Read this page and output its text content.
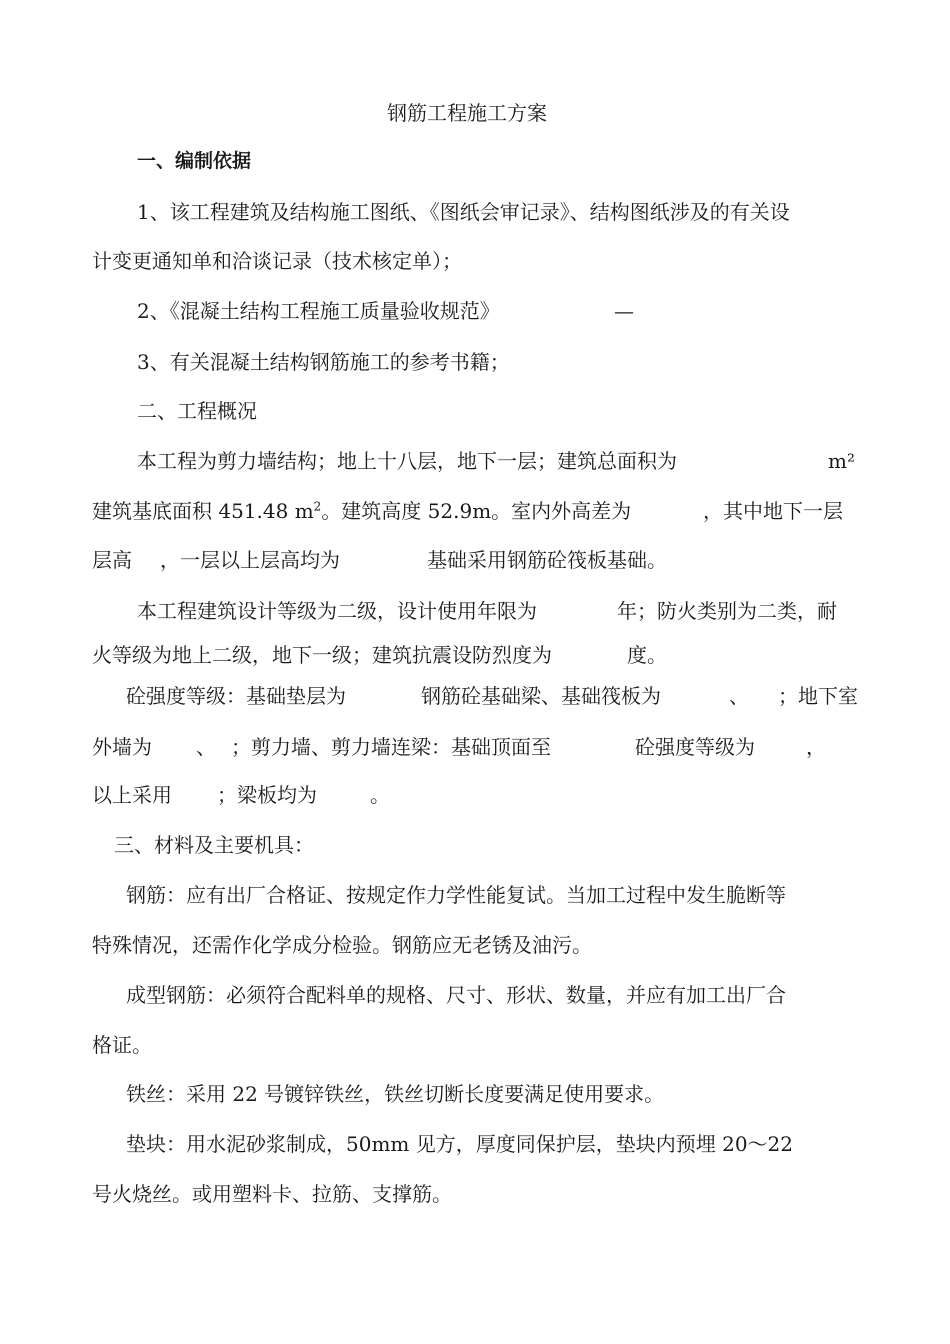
钢筋工程施工方案
一、编制依据
1、该工程建筑及结构施工图纸、《图纸会审记录》、结构图纸涉及的有关设
计变更通知单和洽谈记录（技术核定单）；
2、《混凝土结构工程施工质量验收规范》	—
3、有关混凝土结构钢筋施工的参考书籍；
二、工程概况
本工程为剪力墙结构；地上十八层，地下一层；建筑总面积为	m²
建筑基底面积 451.48 $m^2$。建筑高度 52.9m。室内外高差为	，其中地下一层
层高 ，一层以上层高均为	基础采用钢筋砼筏板基础。
本工程建筑设计等级为二级，设计使用年限为	年；防火类别为二类，耐
火等级为地上二级，地下一级；建筑抗震设防烈度为	度。
砼强度等级：基础垫层为	钢筋砼基础梁、基础筏板为	、 ；地下室
外墙为 、 ；剪力墙、剪力墙连梁：基础顶面至	砼强度等级为	，
以上采用 ；梁板均为	。
三、材料及主要机具：
钢筋：应有出厂合格证、按规定作力学性能复试。当加工过程中发生脆断等
特殊情况，还需作化学成分检验。钢筋应无老锈及油污。
成型钢筋：必须符合配料单的规格、尺寸、形状、数量，并应有加工出厂合
格证。
铁丝：采用 22 号镀锌铁丝，铁丝切断长度要满足使用要求。
垫块：用水泥砂浆制成，50mm 见方，厚度同保护层，垫块内预埋 20～22
号火烧丝。或用塑料卡、拉筋、支撑筋。
